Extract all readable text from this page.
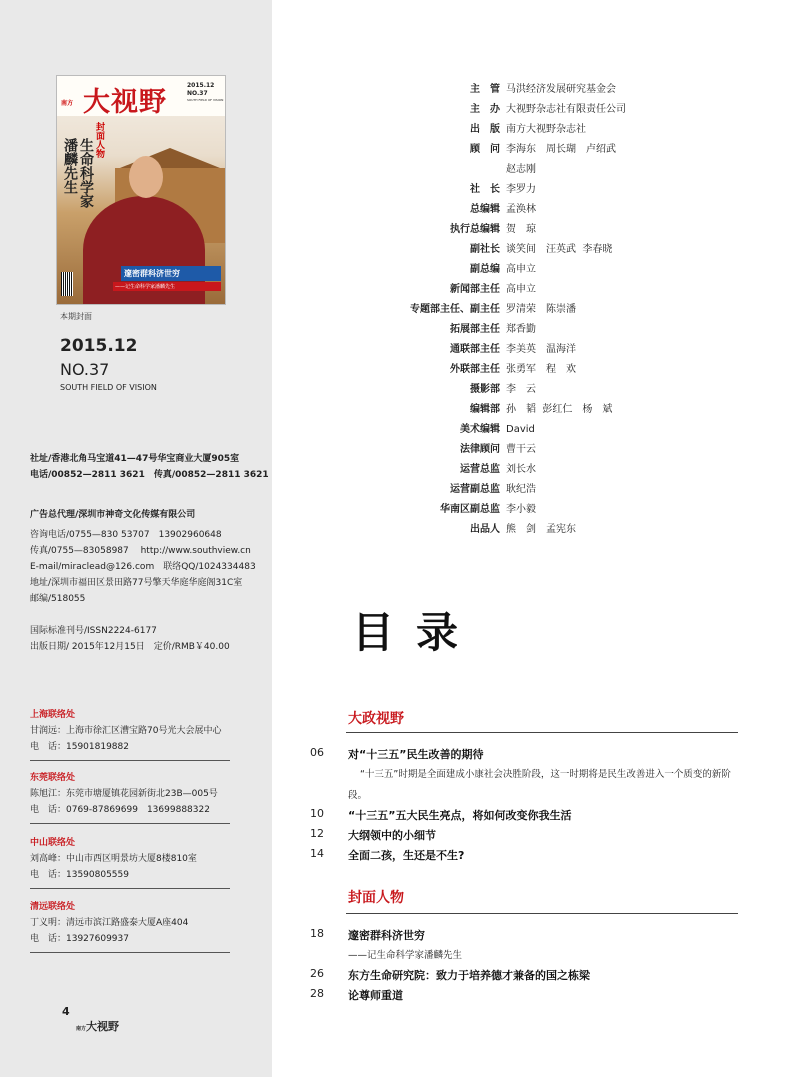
南方 大视野
2015.12
NO.37
SOUTH FIELD OF VISION
封面人物
生命科学家
潘麟先生
邃密群科济世穷
——记生命科学家潘麟先生
本期封面
2015.12
NO.37
SOUTH FIELD OF VISION
社址/香港北角马宝道41—47号华宝商业大厦905室
电话/00852—2811 3621　传真/00852—2811 3621
广告总代理/深圳市神奇文化传媒有限公司
咨询电话/0755—830 53707　13902960648
传真/0755—83058987　 http://www.southview.cn
E-mail/miraclead@126.com　联络QQ/1024334483
地址/深圳市福田区景田路77号擎天华庭华庭阁31C室
邮编/518055
国际标准刊号/ISSN2224-6177
出版日期/ 2015年12月15日　定价/RMB￥40.00
上海联络处
甘润远：上海市徐汇区漕宝路70号光大会展中心
电　话：15901819882
东莞联络处
陈旭江：东莞市塘厦镇花园新街北23B—005号
电　话：0769-87869699　13699888322
中山联络处
刘高峰：中山市西区明景坊大厦8楼810室
电　话：13590805559
清远联络处
丁义明：清远市滨江路盛泰大厦A座404
电　话：13927609937
4
南方大视野
主　管 马洪经济发展研究基金会
主　办 大视野杂志社有限责任公司
出　版 南方大视野杂志社
顾　问 李海东　周长瑚　卢绍武
赵志刚
社　长 李罗力
总编辑 孟涣林
执行总编辑 贺　琼
副社长 谈笑间　汪英武  李春晓
副总编 高申立
新闻部主任 高申立
专题部主任、副主任 罗清荣　陈崇潘
拓展部主任 郑香勤
通联部主任 李美英　温海洋
外联部主任 张勇军　程　欢
摄影部 李　云
编辑部 孙　韬  彭红仁　杨　斌
美术编辑 David
法律顾问 曹干云
运营总监 刘长水
运营副总监 耿纪浩
华南区副总监 李小毅
出品人 熊　剑　孟宪东
目录
大政视野
06 对“十三五”民生改善的期待
“十三五”时期是全面建成小康社会决胜阶段，这一时期将是民生改善进入一个质变的新阶段。
10 “十三五”五大民生亮点，将如何改变你我生活
12 大纲领中的小细节
14 全面二孩，生还是不生?
封面人物
18 邃密群科济世穷
——记生命科学家潘麟先生
26 东方生命研究院：致力于培养德才兼备的国之栋梁
28 论尊师重道
